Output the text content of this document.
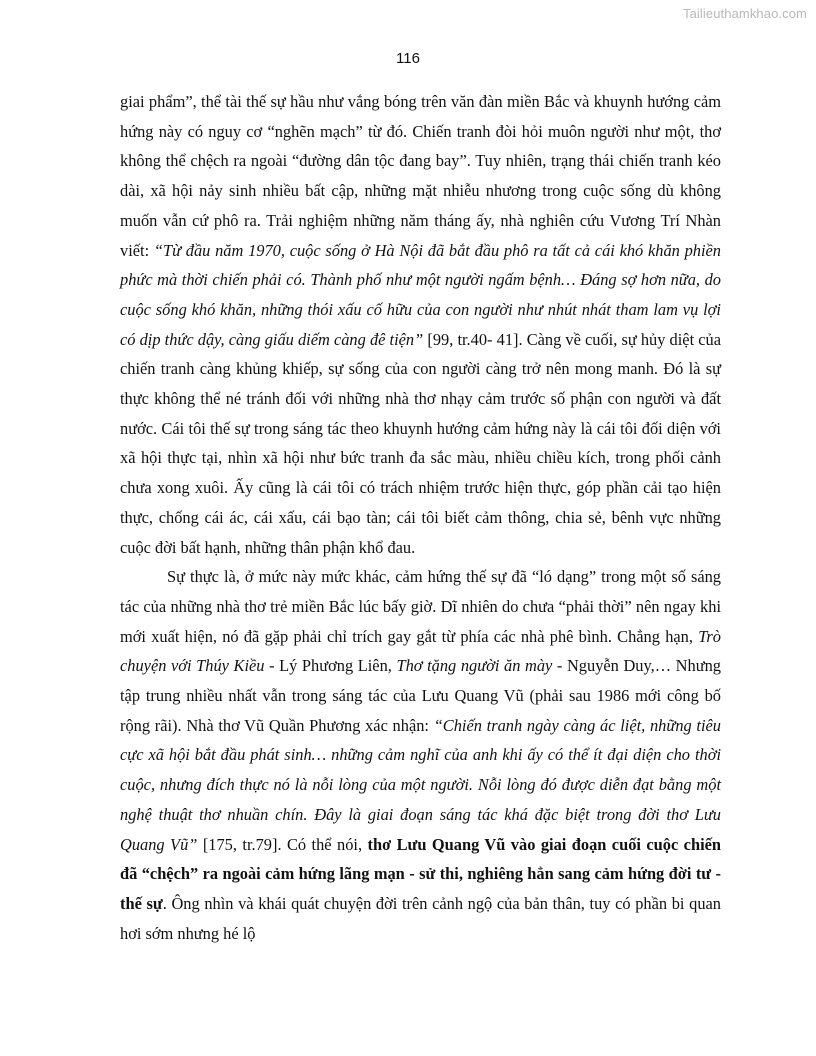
Tailieuthamkhao.com
116

giai phẩm”, thể tài thế sự hầu như vắng bóng trên văn đàn miền Bắc và khuynh hướng cảm hứng này có nguy cơ “nghẽn mạch” từ đó. Chiến tranh đòi hỏi muôn người như một, thơ không thể chệch ra ngoài “đường dân tộc đang bay”. Tuy nhiên, trạng thái chiến tranh kéo dài, xã hội nảy sinh nhiều bất cập, những mặt nhiễu nhương trong cuộc sống dù không muốn vẫn cứ phô ra. Trải nghiệm những năm tháng ấy, nhà nghiên cứu Vương Trí Nhàn viết: “Từ đầu năm 1970, cuộc sống ở Hà Nội đã bắt đầu phô ra tất cả cái khó khăn phiền phức mà thời chiến phải có. Thành phố như một người ngấm bệnh… Đáng sợ hơn nữa, do cuộc sống khó khăn, những thói xấu cố hữu của con người như nhút nhát tham lam vụ lợi có dịp thức dậy, càng giấu diếm càng đê tiện” [99, tr.40- 41]. Càng về cuối, sự hủy diệt của chiến tranh càng khủng khiếp, sự sống của con người càng trở nên mong manh. Đó là sự thực không thể né tránh đối với những nhà thơ nhạy cảm trước số phận con người và đất nước. Cái tôi thế sự trong sáng tác theo khuynh hướng cảm hứng này là cái tôi đối diện với xã hội thực tại, nhìn xã hội như bức tranh đa sắc màu, nhiều chiều kích, trong phối cảnh chưa xong xuôi. Ấy cũng là cái tôi có trách nhiệm trước hiện thực, góp phần cải tạo hiện thực, chống cái ác, cái xấu, cái bạo tàn; cái tôi biết cảm thông, chia sẻ, bênh vực những cuộc đời bất hạnh, những thân phận khổ đau.

Sự thực là, ở mức này mức khác, cảm hứng thế sự đã “ló dạng” trong một số sáng tác của những nhà thơ trẻ miền Bắc lúc bấy giờ. Dĩ nhiên do chưa “phải thời” nên ngay khi mới xuất hiện, nó đã gặp phải chỉ trích gay gắt từ phía các nhà phê bình. Chẳng hạn, Trò chuyện với Thúy Kiều - Lý Phương Liên, Thơ tặng người ăn mày - Nguyễn Duy,… Nhưng tập trung nhiều nhất vẫn trong sáng tác của Lưu Quang Vũ (phải sau 1986 mới công bố rộng rãi). Nhà thơ Vũ Quần Phương xác nhận: “Chiến tranh ngày càng ác liệt, những tiêu cực xã hội bắt đầu phát sinh… những cảm nghĩ của anh khi ấy có thể ít đại diện cho thời cuộc, nhưng đích thực nó là nỗi lòng của một người. Nỗi lòng đó được diễn đạt bằng một nghệ thuật thơ nhuần chín. Đây là giai đoạn sáng tác khá đặc biệt trong đời thơ Lưu Quang Vũ” [175, tr.79]. Có thể nói, thơ Lưu Quang Vũ vào giai đoạn cuối cuộc chiến đã “chệch” ra ngoài cảm hứng lãng mạn - sử thi, nghiêng hẳn sang cảm hứng đời tư - thế sự. Ông nhìn và khái quát chuyện đời trên cảnh ngộ của bản thân, tuy có phần bi quan hơi sớm nhưng hé lộ
